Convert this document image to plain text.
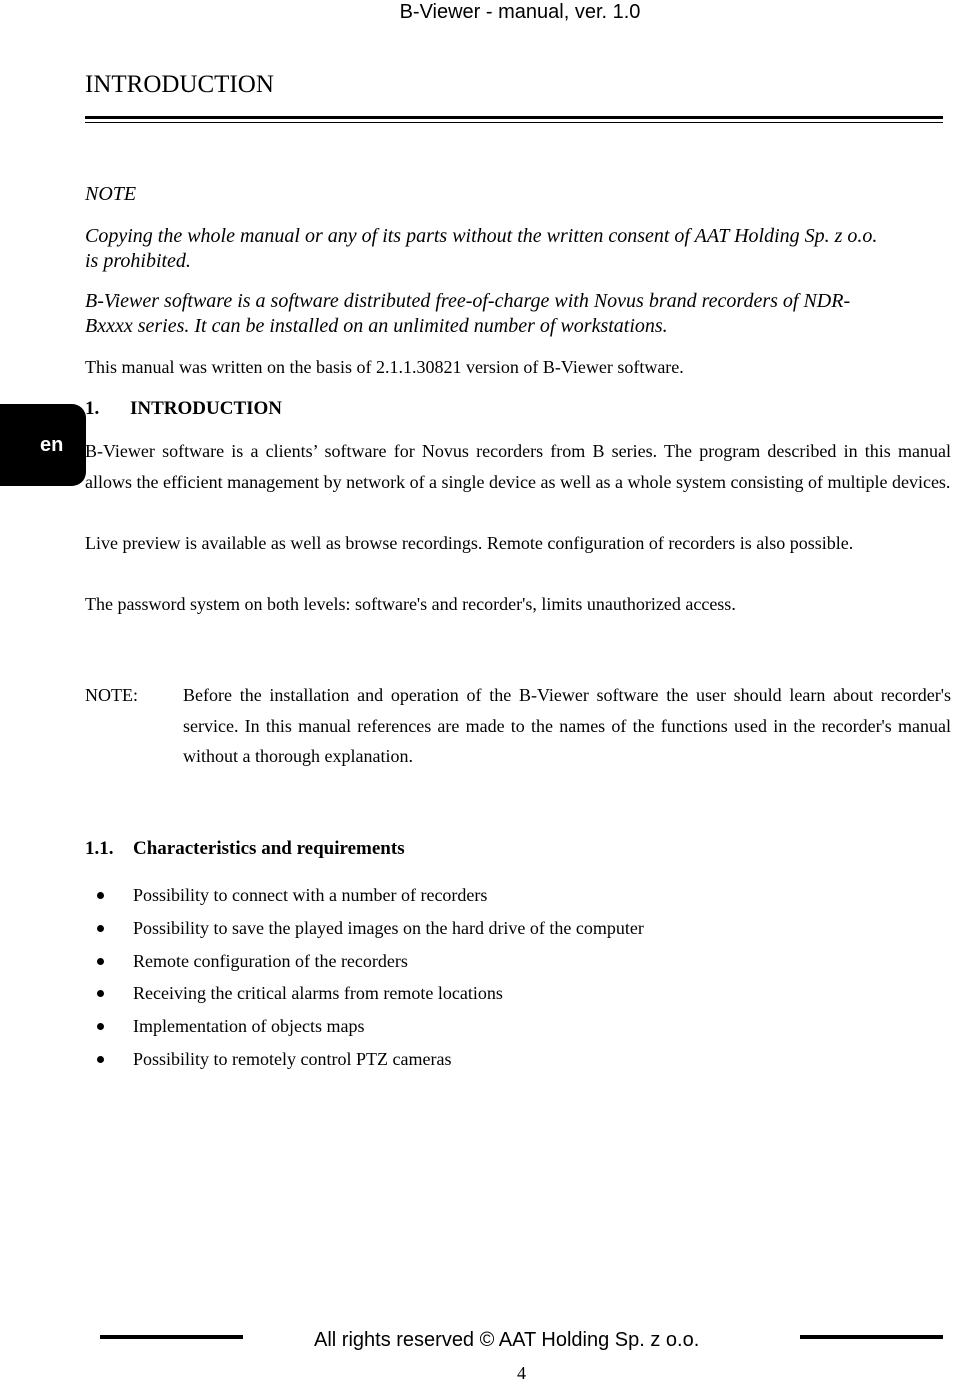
B-Viewer - manual, ver. 1.0
INTRODUCTION
NOTE
Copying the whole manual or any of its parts without the written consent of AAT Holding Sp. z o.o.
is prohibited.
B-Viewer software is a software distributed free-of-charge with Novus brand recorders of NDR-
Bxxxx series. It can be installed on an unlimited number of workstations.
This manual was written on the basis of 2.1.1.30821 version of B-Viewer software.
en
1. INTRODUCTION

B-Viewer software is a clients’ software for Novus recorders from B series. The program described in this manual allows the efficient management by network of a single device as well as a whole system consisting of multiple devices.

Live preview is available as well as browse recordings. Remote configuration of recorders is also possible.

The password system on both levels: software's and recorder's, limits unauthorized access.

NOTE:	Before the installation and operation of the B-Viewer software the user should learn about recorder's service. In this manual references are made to the names of the functions used in the recorder's manual without a thorough explanation.

1.1. Characteristics and requirements
Possibility to connect with a number of recorders
Possibility to save the played images on the hard drive of the computer
Remote configuration of the recorders
Receiving the critical alarms from remote locations
Implementation of objects maps
Possibility to remotely control PTZ cameras
All rights reserved © AAT Holding Sp. z o.o.
4
